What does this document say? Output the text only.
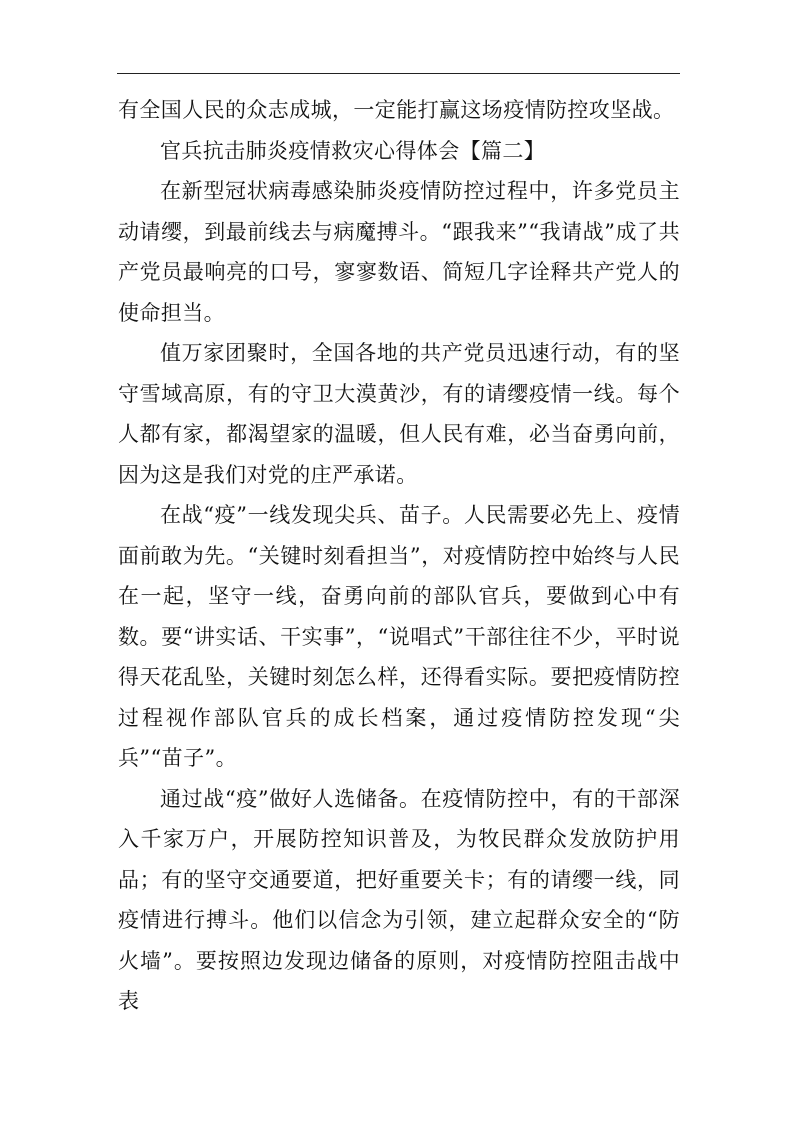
有全国人民的众志成城，一定能打赢这场疫情防控攻坚战。

官兵抗击肺炎疫情救灾心得体会【篇二】

在新型冠状病毒感染肺炎疫情防控过程中，许多党员主动请缨，到最前线去与病魔搏斗。“跟我来”“我请战”成了共产党员最响亮的口号，寥寥数语、简短几字诠释共产党人的使命担当。

值万家团聚时，全国各地的共产党员迅速行动，有的坚守雪域高原，有的守卫大漠黄沙，有的请缨疫情一线。每个人都有家，都渴望家的温暖，但人民有难，必当奋勇向前，因为这是我们对党的庄严承诺。

在战“疫”一线发现尖兵、苗子。人民需要必先上、疫情面前敢为先。“关键时刻看担当”，对疫情防控中始终与人民在一起，坚守一线，奋勇向前的部队官兵，要做到心中有数。要“讲实话、干实事”，“说唱式”干部往往不少，平时说得天花乱坠，关键时刻怎么样，还得看实际。要把疫情防控过程视作部队官兵的成长档案，通过疫情防控发现“尖兵”“苗子”。

通过战“疫”做好人选储备。在疫情防控中，有的干部深入千家万户，开展防控知识普及，为牧民群众发放防护用品；有的坚守交通要道，把好重要关卡；有的请缨一线，同疫情进行搏斗。他们以信念为引领，建立起群众安全的“防火墙”。要按照边发现边储备的原则，对疫情防控阻击战中表
